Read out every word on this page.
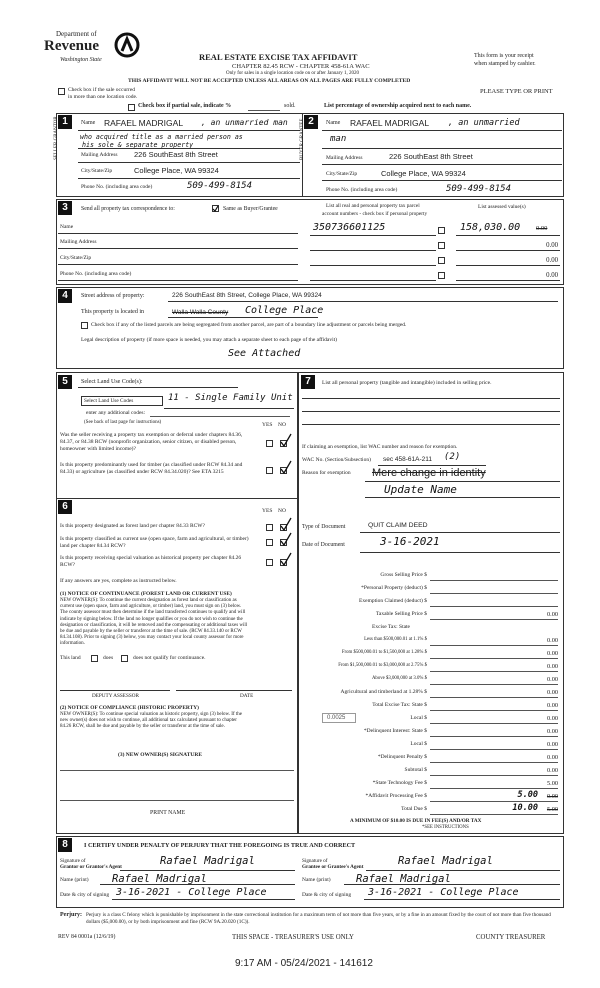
Department of
Revenue
Washington State	REAL ESTATE EXCISE TAX AFFIDAVIT
CHAPTER 82.45 RCW - CHAPTER 458-61A WAC
Only for sales in a single location code on or after January 1, 2020
This form is your receipt
when stamped by cashier.
THIS AFFIDAVIT WILL NOT BE ACCEPTED UNLESS ALL AREAS ON ALL PAGES ARE FULLY COMPLETED
Check box if the sale occurred
in more than one location code.
Check box if partial sale, indicate %	sold.	List percentage of ownership acquired next to each name.
PLEASE TYPE OR PRINT
1
SELLER GRANTOR	Name RAFAEL MADRIGAL , an unmarried man
who acquired title as a married person as
his sole & separate property
Mailing Address 226 SouthEast 8th Street
City/State/Zip	College Place, WA 99324
Phone No. (including area code)	509-499-8154
2
BUYER GRANTEE	Name RAFAEL MADRIGAL , an unmarried
man
Mailing Address	226 SouthEast 8th Street
City/State/Zip	College Place, WA 99324
Phone No. (including area code)	509-499-8154
3	Send all property tax correspondence to:	Same as Buyer/Grantee
Name
Mailing Address
City/State/Zip
Phone No. (including area code)
List all real and personal property tax parcel
account numbers - check box if personal property
List assessed value(s)
350736601125	158,030.00 0.00
0.00
0.00
0.00
4	Street address of property:	226 SouthEast 8th Street, College Place, WA 99324
This property is located in	Walla Walla County College Place
Check box if any of the listed parcels are being segregated from another parcel, are part of a boundary line adjustment or parcels being merged.
Legal description of property (if more space is needed, you may attach a separate sheet to each page of the affidavit)
See Attached
5	Select Land Use Code(s):
Select Land Use Codes	11 - Single Family Unit
enter any additional codes:
(See back of last page for instructions)	YES NO
Was the seller receiving a property tax exemption or deferral under chapters 84.36, 84.37, or 84.38 RCW (nonprofit organization, senior citizen, or disabled person, homeowner with limited income)?
Is this property predominantly used for timber (as classified under RCW 84.34 and 84.33) or agriculture (as classified under RCW 84.34.020)? See ETA 3215
6	YES NO
Is this property designated as forest land per chapter 84.33 RCW?
Is this property classified as current use (open space, farm and agricultural, or timber) land per chapter 84.34 RCW?
Is this property receiving special valuation as historical property per chapter 84.26 RCW?
If any answers are yes, complete as instructed below.
(1) NOTICE OF CONTINUANCE (FOREST LAND OR CURRENT USE)
NEW OWNER(S): To continue the current designation as forest land or classification as current use (open space, farm and agriculture, or timber) land, you must sign on (3) below. The county assessor must then determine if the land transferred continues to qualify and will indicate by signing below. If the land no longer qualifies or you do not wish to continue the designation or classification, it will be removed and the compensating or additional taxes will be due and payable by the seller or transferor at the time of sale. (RCW 84.33.140 or RCW 84.34.108). Prior to signing (3) below, you may contact your local county assessor for more information.
This land	does	does not qualify for continuance.
DEPUTY ASSESSOR	DATE
(2) NOTICE OF COMPLIANCE (HISTORIC PROPERTY)
NEW OWNER(S): To continue special valuation as historic property, sign (3) below. If the new owner(s) does not wish to continue, all additional tax calculated pursuant to chapter 84.26 RCW, shall be due and payable by the seller or transferor at the time of sale.
(3) NEW OWNER(S) SIGNATURE
PRINT NAME
7	List all personal property (tangible and intangible) included in selling price.
If claiming an exemption, list WAC number and reason for exemption.
WAC No. (Section/Subsection) sec 458-61A-211 (2)
Reason for exemption Mere change in identity
Update Name
Type of Document	QUIT CLAIM DEED
Date of Document	3-16-2021
Gross Selling Price $
*Personal Property (deduct) $
Exemption Claimed (deduct) $
Taxable Selling Price $	0.00
Excise Tax: State
Less than $500,000.01 at 1.1% $	0.00
From $500,000.01 to $1,500,000 at 1.28% $	0.00
From $1,500,000.01 to $3,000,000 at 2.75% $	0.00
Above $3,000,000 at 3.0% $	0.00
Agricultural and timberland at 1.28% $	0.00
Total Excise Tax: State $	0.00
0.0025	Local $	0.00
*Delinquent Interest: State $	0.00
Local $	0.00
*Delinquent Penalty $	0.00
Subtotal $	0.00
*State Technology Fee $	5.00
*Affidavit Processing Fee $	5.00 0.00
Total Due $	10.00 5.00
A MINIMUM OF $10.00 IS DUE IN FEE(S) AND/OR TAX
*SEE INSTRUCTIONS
8	I CERTIFY UNDER PENALTY OF PERJURY THAT THE FOREGOING IS TRUE AND CORRECT
Signature of
Grantor or Grantor's Agent	Rafael Madrigal	Signature of
Grantee or Grantee's Agent	Rafael Madrigal
Name (print) Rafael Madrigal	Name (print) Rafael Madrigal
Date & city of signing 3-16-2021 - College Place	Date & city of signing 3-16-2021 - College Place
Perjury: Perjury is a class C felony which is punishable by imprisonment in the state correctional institution for a maximum term of not more than five years, or by a fine in an amount fixed by the court of not more than five thousand dollars ($5,000.00), or by both imprisonment and fine (RCW 9A.20.020 (1C)).
REV 84 0001a (12/6/19)	THIS SPACE - TREASURER'S USE ONLY	COUNTY TREASURER
9:17 AM - 05/24/2021 - 141612
